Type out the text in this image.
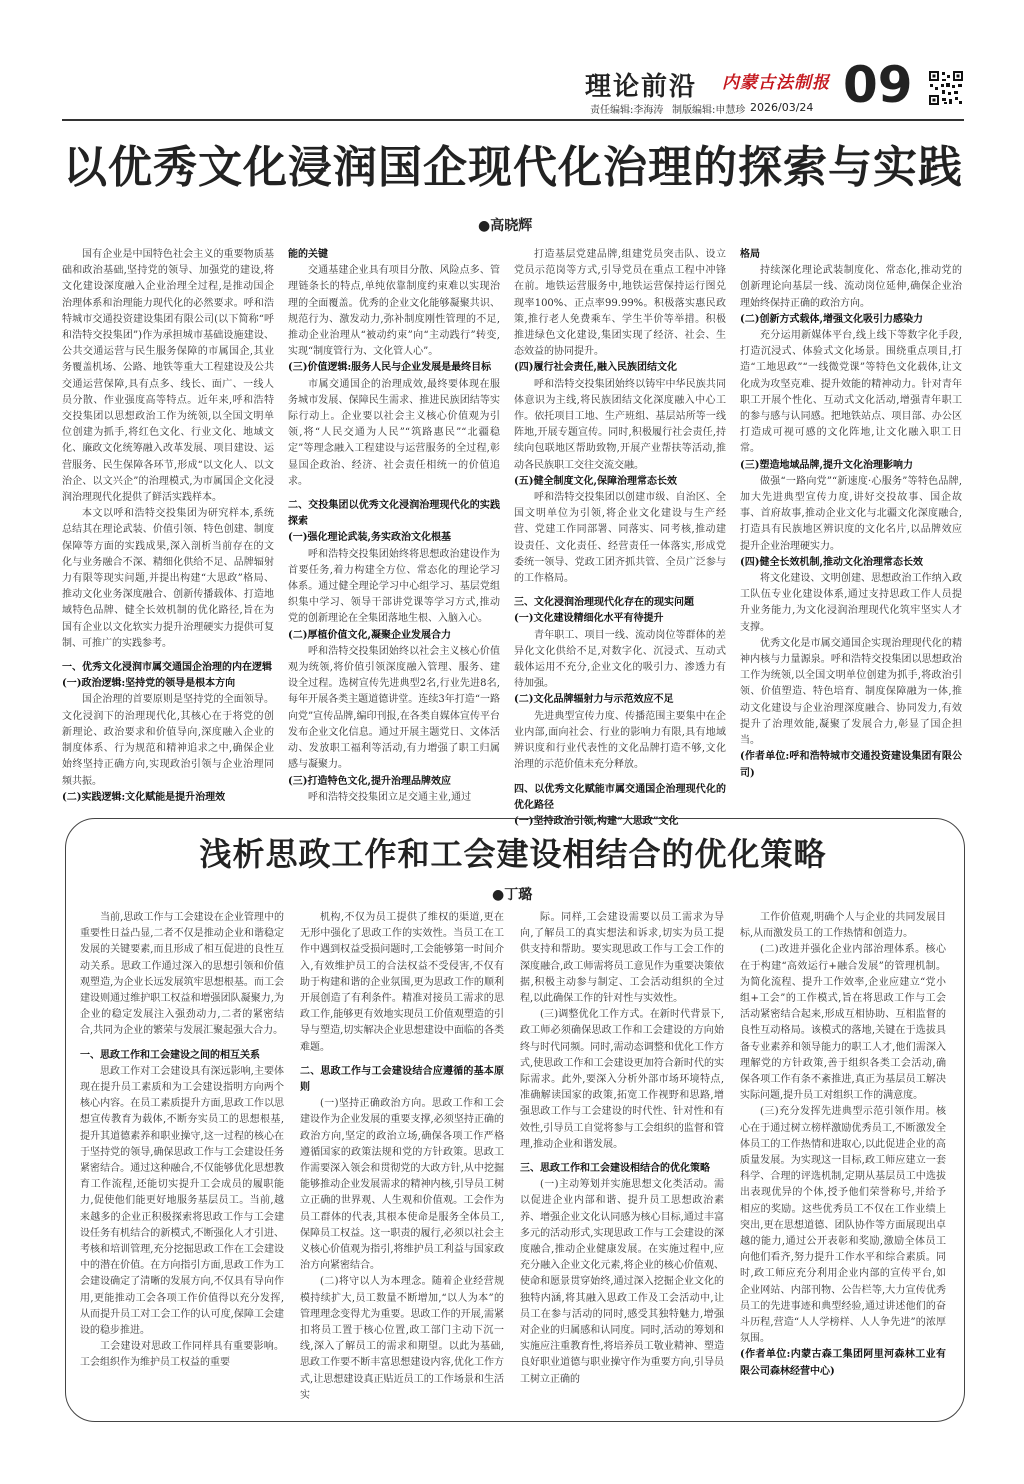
理论前沿 内蒙古法制报 09
责任编辑:李海涛 制版编辑:申慧珍 2026/03/24
以优秀文化浸润国企现代化治理的探索与实践
●高晓辉

国有企业是中国特色社会主义的重要物质基础和政治基础,坚持党的领导、加强党的建设,将文化建设深度融入企业治理全过程,是推动国企治理体系和治理能力现代化的必然要求。呼和浩特城市交通投资建设集团有限公司(以下简称“呼和浩特交投集团”)作为承担城市基础设施建设、公共交通运营与民生服务保障的市属国企,其业务覆盖机场、公路、地铁等重大工程建设及公共交通运营保障,具有点多、线长、面广、一线人员分散、作业强度高等特点。近年来,呼和浩特交投集团以思想政治工作为统领,以全国文明单位创建为抓手,将红色文化、行业文化、地域文化、廉政文化统筹融入改革发展、项目建设、运营服务、民生保障各环节,形成“以文化人、以文治企、以文兴企”的治理模式,为市属国企文化浸润治理现代化提供了鲜活实践样本。

本文以呼和浩特交投集团为研究样本,系统总结其在理论武装、价值引领、特色创建、制度保障等方面的实践成果,深入剖析当前存在的文化与业务融合不深、精细化供给不足、品牌辐射力有限等现实问题,并提出构建“大思政”格局、推动文化业务深度融合、创新传播载体、打造地域特色品牌、健全长效机制的优化路径,旨在为国有企业以文化软实力提升治理硬实力提供可复制、可推广的实践参考。

一、优秀文化浸润市属交通国企治理的内在逻辑

(一)政治逻辑:坚持党的领导是根本方向

国企治理的首要原则是坚持党的全面领导。文化浸润下的治理现代化,其核心在于将党的创新理论、政治要求和价值导向,深度融入企业的制度体系、行为规范和精神追求之中,确保企业始终坚持正确方向,实现政治引领与企业治理同频共振。

(二)实践逻辑:文化赋能是提升治理效

能的关键

交通基建企业具有项目分散、风险点多、管理链条长的特点,单纯依靠制度约束难以实现治理的全面覆盖。优秀的企业文化能够凝聚共识、规范行为、激发动力,弥补制度刚性管理的不足,推动企业治理从“被动约束”向“主动践行”转变,实现“制度管行为、文化管人心”。

(三)价值逻辑:服务人民与企业发展是最终目标

市属交通国企的治理成效,最终要体现在服务城市发展、保障民生需求、推进民族团结等实际行动上。企业要以社会主义核心价值观为引领,将“人民交通为人民”“筑路惠民”“北疆稳定”等理念融入工程建设与运营服务的全过程,彰显国企政治、经济、社会责任相统一的价值追求。

二、交投集团以优秀文化浸润治理现代化的实践探索

(一)强化理论武装,务实政治文化根基

呼和浩特交投集团始终将思想政治建设作为首要任务,着力构建全方位、常态化的理论学习体系。通过健全理论学习中心组学习、基层党组织集中学习、领导干部讲党课等学习方式,推动党的创新理论在全集团落地生根、入脑入心。

(二)厚植价值文化,凝聚企业发展合力

呼和浩特交投集团始终以社会主义核心价值观为统领,将价值引领深度融入管理、服务、建设全过程。选树宣传先进典型2名,行业先进8名,每年开展各类主题道德讲堂。连续3年打造“一路向党”宣传品牌,编印刊报,在各类自媒体宣传平台发布企业文化信息。通过开展主题党日、文体活动、发放职工福利等活动,有力增强了职工归属感与凝聚力。

(三)打造特色文化,提升治理品牌效应

呼和浩特交投集团立足交通主业,通过

打造基层党建品牌,组建党员突击队、设立党员示范岗等方式,引导党员在重点工程中冲锋在前。地铁运营服务中,地铁运营保持运行图兑现率100%、正点率99.99%。积极落实惠民政策,推行老人免费乘车、学生半价等举措。积极推进绿色文化建设,集团实现了经济、社会、生态效益的协同提升。

(四)履行社会责任,融入民族团结文化

呼和浩特交投集团始终以铸牢中华民族共同体意识为主线,将民族团结文化深度融入中心工作。依托项目工地、生产班组、基层站所等一线阵地,开展专题宣传。同时,积极履行社会责任,持续向包联地区帮助致物,开展产业帮扶等活动,推动各民族职工交往交流交融。

(五)健全制度文化,保障治理常态长效

呼和浩特交投集团以创建市级、自治区、全国文明单位为引领,将企业文化建设与生产经营、党建工作同部署、同落实、同考核,推动建设责任、文化责任、经营责任一体落实,形成党委统一领导、党政工团齐抓共管、全员广泛参与的工作格局。

三、文化浸润治理现代化存在的现实问题

(一)文化建设精细化水平有待提升

青年职工、项目一线、流动岗位等群体的差异化文化供给不足,对数字化、沉浸式、互动式载体运用不充分,企业文化的吸引力、渗透力有待加强。

(二)文化品牌辐射力与示范效应不足

先进典型宣传力度、传播范围主要集中在企业内部,面向社会、行业的影响力有限,具有地域辨识度和行业代表性的文化品牌打造不够,文化治理的示范价值未充分释放。

四、以优秀文化赋能市属交通国企治理现代化的优化路径

(一)坚持政治引领,构建“大思政”文化

格局

持续深化理论武装制度化、常态化,推动党的创新理论向基层一线、流动岗位延伸,确保企业治理始终保持正确的政治方向。

(二)创新方式载体,增强文化吸引力感染力

充分运用新媒体平台,线上线下等数字化手段,打造沉浸式、体验式文化场景。围绕重点项目,打造“工地思政”“一线微党课”等特色文化载体,让文化成为攻坚克难、提升效能的精神动力。针对青年职工开展个性化、互动式文化活动,增强青年职工的参与感与认同感。把地铁站点、项目部、办公区打造成可视可感的文化阵地,让文化融入职工日常。

(三)塑造地域品牌,提升文化治理影响力

做强“一路向党”“新速度·心服务”等特色品牌,加大先进典型宣传力度,讲好交投故事、国企故事、首府故事,推动企业文化与北疆文化深度融合,打造具有民族地区辨识度的文化名片,以品牌效应提升企业治理硬实力。

(四)健全长效机制,推动文化治理常态长效

将文化建设、文明创建、思想政治工作纳入政工队伍专业化建设体系,通过支持思政工作人员提升业务能力,为文化浸润治理现代化筑牢坚实人才支撑。

优秀文化是市属交通国企实现治理现代化的精神内核与力量源泉。呼和浩特交投集团以思想政治工作为统领,以全国文明单位创建为抓手,将政治引领、价值塑造、特色培育、制度保障融为一体,推动文化建设与企业治理深度融合、协同发力,有效提升了治理效能,凝聚了发展合力,彰显了国企担当。

(作者单位:呼和浩特城市交通投资建设集团有限公司)

浅析思政工作和工会建设相结合的优化策略
●丁璐

当前,思政工作与工会建设在企业管理中的重要性日益凸显,二者不仅是推动企业和谐稳定发展的关键要素,而且形成了相互促进的良性互动关系。思政工作通过深入的思想引领和价值观塑造,为企业长远发展筑牢思想根基。而工会建设则通过维护职工权益和增强团队凝聚力,为企业的稳定发展注入强劲动力,二者的紧密结合,共同为企业的繁荣与发展汇聚起强大合力。

一、思政工作和工会建设之间的相互关系

思政工作对工会建设具有深远影响,主要体现在提升员工素质和为工会建设指明方向两个核心内容。在员工素质提升方面,思政工作以思想宣传教育为载体,不断夯实员工的思想根基,提升其道德素养和职业操守,这一过程的核心在于坚持党的领导,确保思政工作与工会建设任务紧密结合。通过这种融合,不仅能够优化思想教育工作流程,还能切实提升工会成员的履职能力,促使他们能更好地服务基层员工。当前,越来越多的企业正积极探索将思政工作与工会建设任务有机结合的新模式,不断强化人才引进、考核和培训管理,充分挖掘思政工作在工会建设中的潜在价值。在方向指引方面,思政工作为工会建设确定了清晰的发展方向,不仅具有导向作用,更能推动工会各项工作价值得以充分发挥,从而提升员工对工会工作的认可度,保障工会建设的稳步推进。

工会建设对思政工作同样具有重要影响。工会组织作为维护员工权益的重要

机构,不仅为员工提供了维权的渠道,更在无形中强化了思政工作的实效性。当员工在工作中遇到权益受损问题时,工会能够第一时间介入,有效维护员工的合法权益不受侵害,不仅有助于构建和谐的企业氛围,更为思政工作的顺利开展创造了有利条件。精准对接员工需求的思政工作,能够更有效地实现员工价值观塑造的引导与塑造,切实解决企业思想建设中面临的各类难题。

二、思政工作与工会建设结合应遵循的基本原则

(一)坚持正确政治方向。思政工作和工会建设作为企业发展的重要支撑,必须坚持正确的政治方向,坚定的政治立场,确保各项工作严格遵循国家的政策法规和党的方针政策。思政工作需要深入领会和贯彻党的大政方针,从中挖掘能够推动企业发展需求的精神内核,引导员工树立正确的世界观、人生观和价值观。工会作为员工群体的代表,其根本使命是服务全体员工,保障员工权益。这一职责的履行,必须以社会主义核心价值观为指引,将维护员工利益与国家政治方向紧密结合。

(二)将守以人为本理念。随着企业经营规模持续扩大,员工数量不断增加,“以人为本”的管理理念变得尤为重要。思政工作的开展,需紧扣将员工置于核心位置,政工部门主动下沉一线,深入了解员工的需求和期望。以此为基础,思政工作要不断丰富思想建设内容,优化工作方式,让思想建设真正贴近员工的工作场景和生活实

际。同样,工会建设需要以员工需求为导向,了解员工的真实想法和诉求,切实为员工提供支持和帮助。要实现思政工作与工会工作的深度融合,政工师需将员工意见作为重要决策依据,积极主动参与制定、工会活动组织的全过程,以此确保工作的针对性与实效性。

(三)调整优化工作方式。在新时代背景下,政工师必须确保思政工作和工会建设的方向始终与时代同频。同时,需动态调整和优化工作方式,使思政工作和工会建设更加符合新时代的实际需求。此外,要深入分析外部市场环境特点,准确解读国家的政策,拓宽工作视野和思路,增强思政工作与工会建设的时代性、针对性和有效性,引导员工自觉将参与工会组织的监督和管理,推动企业和谐发展。

三、思政工作和工会建设相结合的优化策略

(一)主动筹划并实施思想文化类活动。需以促进企业内部和谐、提升员工思想政治素养、增强企业文化认同感为核心目标,通过丰富多元的活动形式,实现思政工作与工会建设的深度融合,推动企业健康发展。在实施过程中,应充分融入企业文化元素,将企业的核心价值观、使命和愿景贯穿始终,通过深入挖掘企业文化的独特内涵,将其融入思政工作及工会活动中,让员工在参与活动的同时,感受其独特魅力,增强对企业的归属感和认同度。同时,活动的筹划和实施应注重教育性,将培养员工敬业精神、塑造良好职业道德与职业操守作为重要方向,引导员工树立正确的

工作价值观,明确个人与企业的共同发展目标,从而激发员工的工作热情和创造力。

(二)改进并强化企业内部治理体系。核心在于构建“高效运行+融合发展”的管理机制。为简化流程、提升工作效率,企业应建立“党小组+工会”的工作模式,旨在将思政工作与工会活动紧密结合起来,形成互相协助、互相监督的良性互动格局。该模式的落地,关键在于选拔具备专业素养和领导能力的职工人才,他们需深入理解党的方针政策,善于组织各类工会活动,确保各项工作有条不紊推进,真正为基层员工解决实际问题,提升员工对组织工作的满意度。

(三)充分发挥先进典型示范引领作用。核心在于通过树立榜样激励优秀员工,不断激发全体员工的工作热情和进取心,以此促进企业的高质量发展。为实现这一目标,政工师应建立一套科学、合理的评选机制,定期从基层员工中选拔出表现优异的个体,授予他们荣誉称号,并给予相应的奖励。这些优秀员工不仅在工作业绩上突出,更在思想道德、团队协作等方面展现出卓越的能力,通过公开表彰和奖励,激励全体员工向他们看齐,努力提升工作水平和综合素质。同时,政工师应充分利用企业内部的宣传平台,如企业网站、内部刊物、公告栏等,大力宣传优秀员工的先进事迹和典型经验,通过讲述他们的奋斗历程,营造“人人学榜样、人人争先进”的浓厚氛围。

(作者单位:内蒙古森工集团阿里河森林工业有限公司森林经营中心)
